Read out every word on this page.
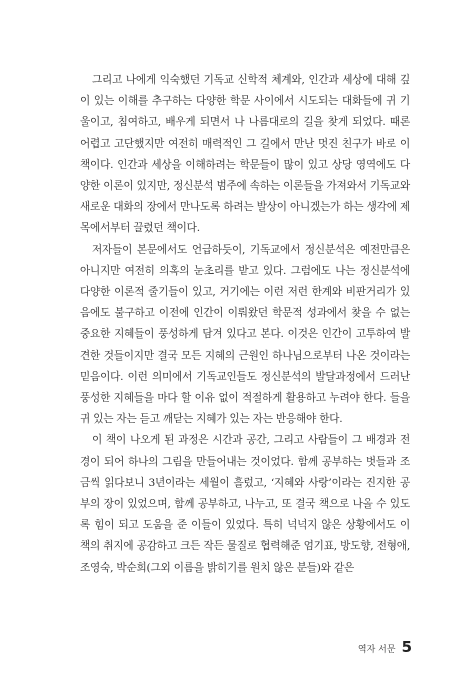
그리고 나에게 익숙했던 기독교 신학적 체계와, 인간과 세상에 대해 깊이 있는 이해를 추구하는 다양한 학문 사이에서 시도되는 대화들에 귀 기울이고, 침여하고, 배우게 되면서 나 나름대로의 길을 찾게 되었다. 때론 어렵고 고단했지만 여전히 매력적인 그 길에서 만난 멋진 친구가 바로 이 책이다. 인간과 세상을 이해하려는 학문들이 많이 있고 상당 영역에도 다양한 이론이 있지만, 정신분석 범주에 속하는 이론들을 가져와서 기독교와 새로운 대화의 장에서 만나도록 하려는 발상이 아니겠는가 하는 생각에 제목에서부터 끌렸던 책이다.

저자들이 본문에서도 언급하듯이, 기독교에서 정신분석은 예전만큼은 아니지만 여전히 의혹의 눈초리를 받고 있다. 그럼에도 나는 정신분석에 다양한 이론적 줄기들이 있고, 거기에는 이런 저런 한계와 비판거리가 있음에도 불구하고 이전에 인간이 이뤄왔던 학문적 성과에서 찾을 수 없는 중요한 지혜들이 풍성하게 담겨 있다고 본다. 이것은 인간이 고투하여 발견한 것들이지만 결국 모든 지혜의 근원인 하나님으로부터 나온 것이라는 믿음이다. 이런 의미에서 기독교인들도 정신분석의 발달과정에서 드러난 풍성한 지혜들을 마다 할 이유 없이 적절하게 활용하고 누려야 한다. 들을 귀 있는 자는 듣고 깨닫는 지혜가 있는 자는 반응해야 한다.

이 책이 나오게 된 과정은 시간과 공간, 그리고 사람들이 그 배경과 전경이 되어 하나의 그림을 만들어내는 것이었다. 함께 공부하는 벗들과 조금씩 읽다보니 3년이라는 세월이 흘렀고, ‘지혜와 사랑’이라는 진지한 공부의 장이 있었으며, 함께 공부하고, 나누고, 또 결국 책으로 나올 수 있도록 힘이 되고 도움을 준 이들이 있었다. 특히 넉넉지 않은 상황에서도 이 책의 취지에 공감하고 크든 작든 물질로 협력해준 엄기표, 방도향, 전형애, 조영숙, 박순희(그외 이름을 밝히기를 원치 않은 분들)와 같은

역자 서문 5
